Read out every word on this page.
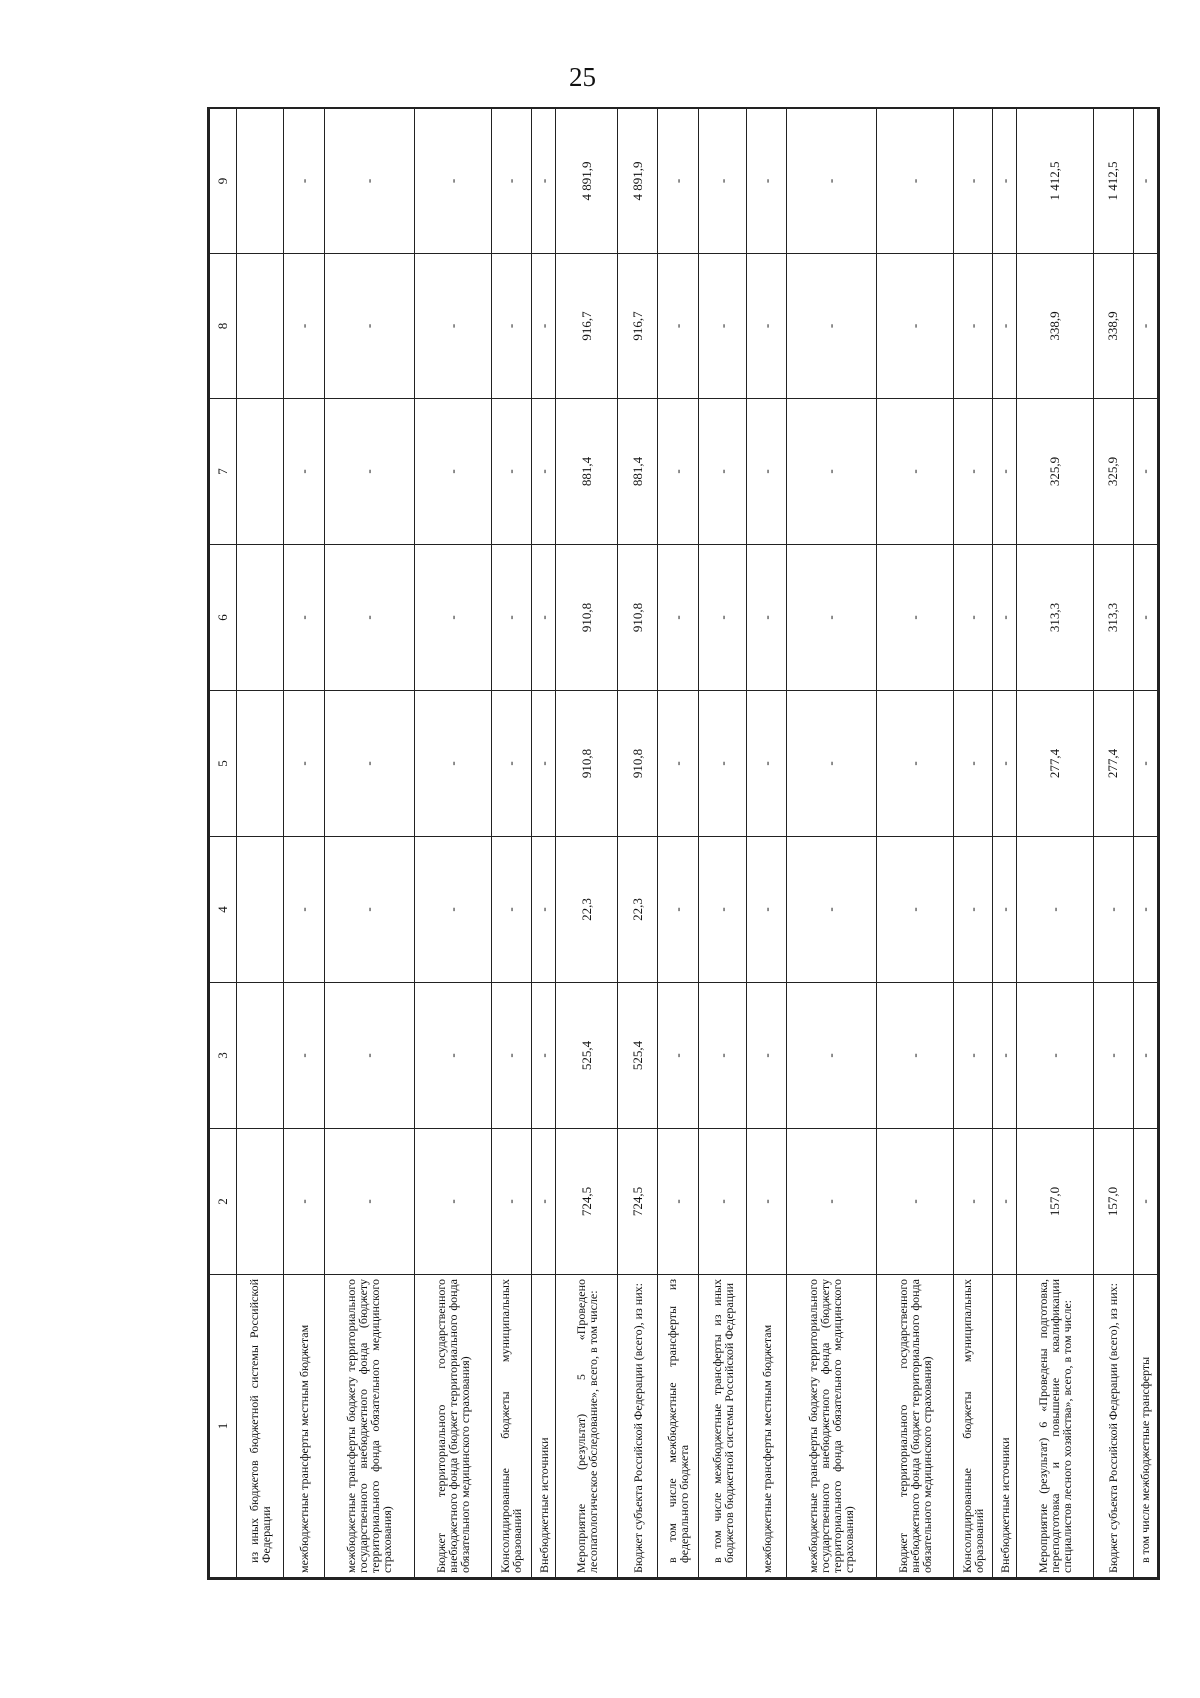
25
1	2	3	4	5	6	7	8	9
из иных бюджетов бюджетной системы Российской Федерации								
межбюджетные трансферты местным бюджетам	-	-	-	-	-	-	-	-
межбюджетные трансферты бюджету территориального государственного внебюджетного фонда (бюджету территориального фонда обязательного медицинского страхования)	-	-	-	-	-	-	-	-
Бюджет территориального государственного внебюджетного фонда (бюджет территориального фонда обязательного медицинского страхования)	-	-	-	-	-	-	-	-
Консолидированные бюджеты муниципальных образований	-	-	-	-	-	-	-	-
Внебюджетные источники	-	-	-	-	-	-	-	-
Мероприятие (результат) 5 «Проведено лесопатологическое обследование», всего, в том числе:	724,5	525,4	22,3	910,8	910,8	881,4	916,7	4 891,9
Бюджет субъекта Российской Федерации (всего), из них:	724,5	525,4	22,3	910,8	910,8	881,4	916,7	4 891,9
в том числе межбюджетные трансферты из федерального бюджета	-	-	-	-	-	-	-	-
в том числе межбюджетные трансферты из иных бюджетов бюджетной системы Российской Федерации	-	-	-	-	-	-	-	-
межбюджетные трансферты местным бюджетам	-	-	-	-	-	-	-	-
межбюджетные трансферты бюджету территориального государственного внебюджетного фонда (бюджету территориального фонда обязательного медицинского страхования)	-	-	-	-	-	-	-	-
Бюджет территориального государственного внебюджетного фонда (бюджет территориального фонда обязательного медицинского страхования)	-	-	-	-	-	-	-	-
Консолидированные бюджеты муниципальных образований	-	-	-	-	-	-	-	-
Внебюджетные источники	-	-	-	-	-	-	-	-
Мероприятие (результат) 6 «Проведены подготовка, переподготовка и повышение квалификации специалистов лесного хозяйства», всего, в том числе:	157,0	-	-	277,4	313,3	325,9	338,9	1 412,5
Бюджет субъекта Российской Федерации (всего), из них:	157,0	-	-	277,4	313,3	325,9	338,9	1 412,5
в том числе межбюджетные трансферты	-	-	-	-	-	-	-	-
